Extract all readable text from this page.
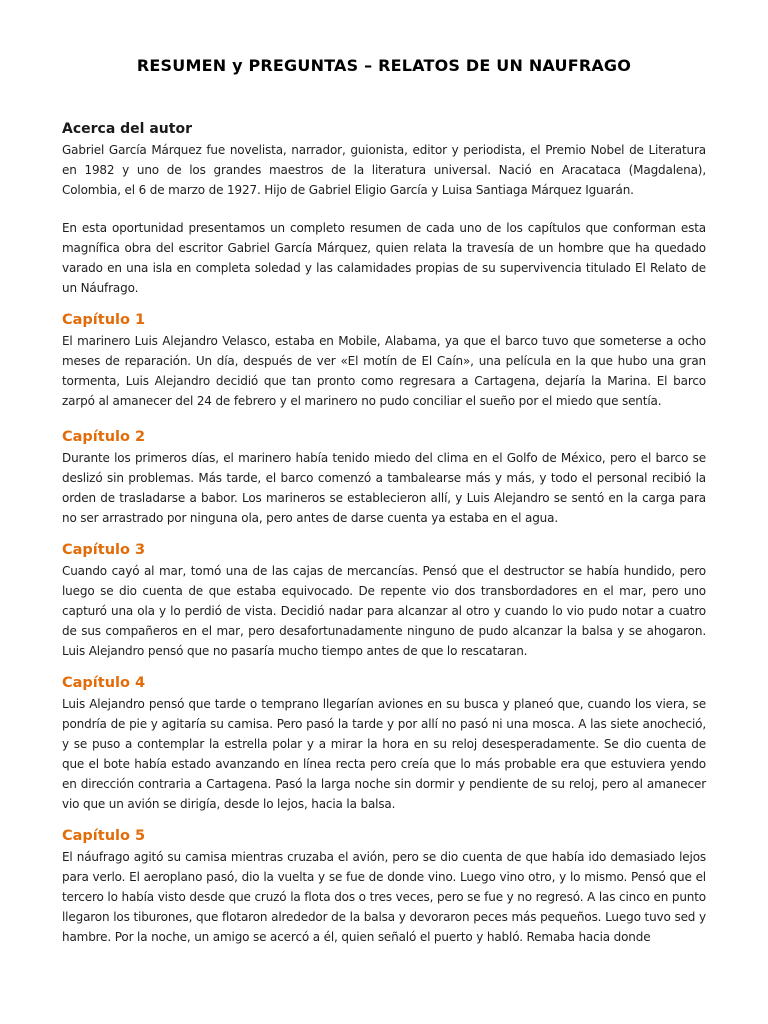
RESUMEN y PREGUNTAS – RELATOS DE UN NAUFRAGO
Acerca del autor

Gabriel García Márquez fue novelista, narrador, guionista, editor y periodista, el Premio Nobel de Literatura en 1982 y uno de los grandes maestros de la literatura universal. Nació en Aracataca (Magdalena), Colombia, el 6 de marzo de 1927. Hijo de Gabriel Eligio García y Luisa Santiaga Márquez Iguarán.

En esta oportunidad presentamos un completo resumen de cada uno de los capítulos que conforman esta magnífica obra del escritor Gabriel García Márquez, quien relata la travesía de un hombre que ha quedado varado en una isla en completa soledad y las calamidades propias de su supervivencia titulado El Relato de un Náufrago.

Capítulo 1

El marinero Luis Alejandro Velasco, estaba en Mobile, Alabama, ya que el barco tuvo que someterse a ocho meses de reparación. Un día, después de ver «El motín de El Caín», una película en la que hubo una gran tormenta, Luis Alejandro decidió que tan pronto como regresara a Cartagena, dejaría la Marina. El barco zarpó al amanecer del 24 de febrero y el marinero no pudo conciliar el sueño por el miedo que sentía.

Capítulo 2

Durante los primeros días, el marinero había tenido miedo del clima en el Golfo de México, pero el barco se deslizó sin problemas. Más tarde, el barco comenzó a tambalearse más y más, y todo el personal recibió la orden de trasladarse a babor. Los marineros se establecieron allí, y Luis Alejandro se sentó en la carga para no ser arrastrado por ninguna ola, pero antes de darse cuenta ya estaba en el agua.

Capítulo 3

Cuando cayó al mar, tomó una de las cajas de mercancías. Pensó que el destructor se había hundido, pero luego se dio cuenta de que estaba equivocado. De repente vio dos transbordadores en el mar, pero uno capturó una ola y lo perdió de vista. Decidió nadar para alcanzar al otro y cuando lo vio pudo notar a cuatro de sus compañeros en el mar, pero desafortunadamente ninguno de pudo alcanzar la balsa y se ahogaron. Luis Alejandro pensó que no pasaría mucho tiempo antes de que lo rescataran.

Capítulo 4

Luis Alejandro pensó que tarde o temprano llegarían aviones en su busca y planeó que, cuando los viera, se pondría de pie y agitaría su camisa. Pero pasó la tarde y por allí no pasó ni una mosca. A las siete anocheció, y se puso a contemplar la estrella polar y a mirar la hora en su reloj desesperadamente. Se dio cuenta de que el bote había estado avanzando en línea recta pero creía que lo más probable era que estuviera yendo en dirección contraria a Cartagena. Pasó la larga noche sin dormir y pendiente de su reloj, pero al amanecer vio que un avión se dirigía, desde lo lejos, hacia la balsa.

Capítulo 5

El náufrago agitó su camisa mientras cruzaba el avión, pero se dio cuenta de que había ido demasiado lejos para verlo. El aeroplano pasó, dio la vuelta y se fue de donde vino. Luego vino otro, y lo mismo. Pensó que el tercero lo había visto desde que cruzó la flota dos o tres veces, pero se fue y no regresó. A las cinco en punto llegaron los tiburones, que flotaron alrededor de la balsa y devoraron peces más pequeños. Luego tuvo sed y hambre. Por la noche, un amigo se acercó a él, quien señaló el puerto y habló. Remaba hacia donde
